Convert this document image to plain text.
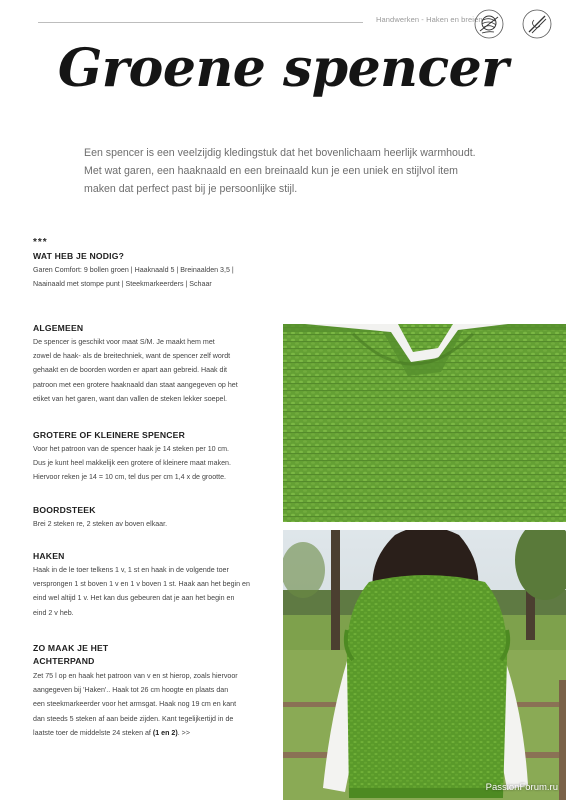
Handwerken - Haken en breien
Groene spencer
Een spencer is een veelzijdig kledingstuk dat het bovenlichaam heerlijk warmhoudt. Met wat garen, een haaknaald en een breinaald kun je een uniek en stijlvol item maken dat perfect past bij je persoonlijke stijl.
***
WAT HEB JE NODIG?
Garen Comfort: 9 bollen groen | Haaknaald 5 | Breinaalden 3,5 |
Naainaald met stompe punt | Steekmarkeerders | Schaar
ALGEMEEN
De spencer is geschikt voor maat S/M. Je maakt hem met
zowel de haak- als de breitechniek, want de spencer zelf wordt
gehaakt en de boorden worden er apart aan gebreid. Haak dit
patroon met een grotere haaknaald dan staat aangegeven op het
etiket van het garen, want dan vallen de steken lekker soepel.
GROTERE OF KLEINERE SPENCER
Voor het patroon van de spencer haak je 14 steken per 10 cm.
Dus je kunt heel makkelijk een grotere of kleinere maat maken.
Hiervoor reken je 14 = 10 cm, tel dus per cm 1,4 x de grootte.
BOORDSTEEK
Brei 2 steken re, 2 steken av boven elkaar.
HAKEN
Haak in de le toer telkens 1 v, 1 st en haak in de volgende toer
versprongen 1 st boven 1 v en 1 v boven 1 st. Haak aan het begin en
eind wel altijd 1 v. Het kan dus gebeuren dat je aan het begin en
eind 2 v heb.
ZO MAAK JE HET
ACHTERPAND
Zet 75 l op en haak het patroon van v en st hierop, zoals hiervoor
aangegeven bij 'Haken'.. Haak tot 26 cm hoogte en plaats dan
een steekmarkeerder voor het armsgat. Haak nog 19 cm en kant
dan steeds 5 steken af aan beide zijden. Kant tegelijkertijd in de
laatste toer de middelste 24 steken af (1 en 2). >>
PassionForum.ru
